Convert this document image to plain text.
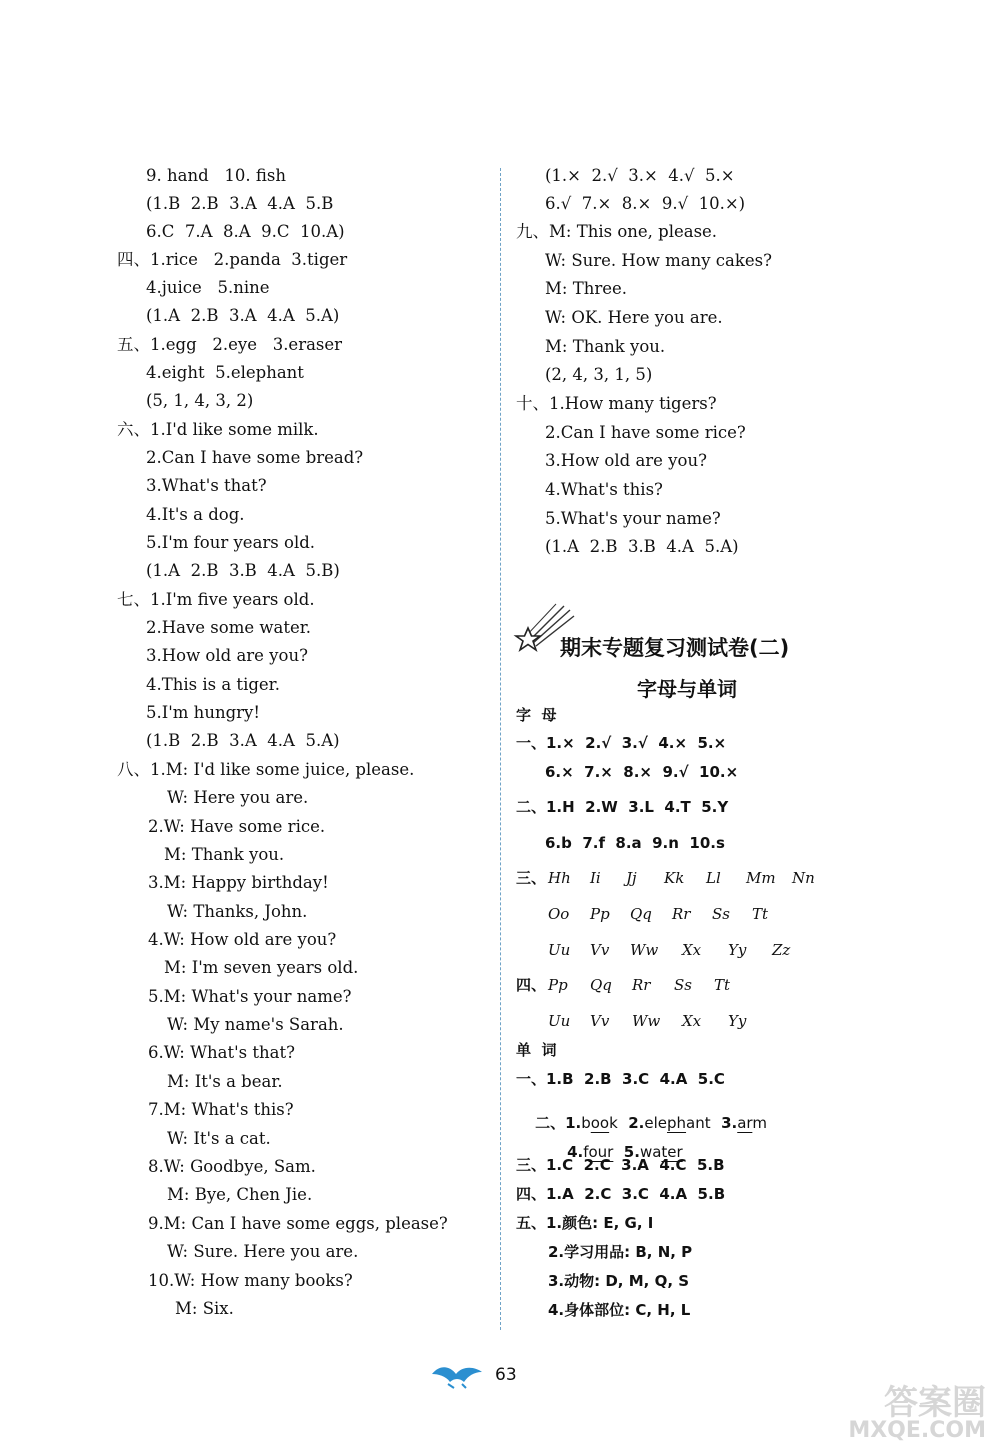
9. hand   10. fish
(1.B  2.B  3.A  4.A  5.B
6.C  7.A  8.A  9.C  10.A)
四、1.rice   2.panda  3.tiger
4.juice   5.nine
(1.A  2.B  3.A  4.A  5.A)
五、1.egg   2.eye   3.eraser
4.eight  5.elephant
(5, 1, 4, 3, 2)
六、1.I'd like some milk.
2.Can I have some bread?
3.What's that?
4.It's a dog.
5.I'm four years old.
(1.A  2.B  3.B  4.A  5.B)
七、1.I'm five years old.
2.Have some water.
3.How old are you?
4.This is a tiger.
5.I'm hungry!
(1.B  2.B  3.A  4.A  5.A)
八、1.M: I'd like some juice, please.
W: Here you are.
2.W: Have some rice.
M: Thank you.
3.M: Happy birthday!
W: Thanks, John.
4.W: How old are you?
M: I'm seven years old.
5.M: What's your name?
W: My name's Sarah.
6.W: What's that?
M: It's a bear.
7.M: What's this?
W: It's a cat.
8.W: Goodbye, Sam.
M: Bye, Chen Jie.
9.M: Can I have some eggs, please?
W: Sure. Here you are.
10.W: How many books?
M: Six.
(1.×  2.√  3.×  4.√  5.×
6.√  7.×  8.×  9.√  10.×)
九、M: This one, please.
W: Sure. How many cakes?
M: Three.
W: OK. Here you are.
M: Thank you.
(2, 4, 3, 1, 5)
十、1.How many tigers?
2.Can I have some rice?
3.How old are you?
4.What's this?
5.What's your name?
(1.A  2.B  3.B  4.A  5.A)
期末专题复习测试卷(二)
字母与单词
字  母
一、1.×  2.√  3.√  4.×  5.×
6.×  7.×  8.×  9.√  10.×
二、1.H  2.W  3.L  4.T  5.Y
6.b  7.f  8.a  9.n  10.s
三、 Hh Ii Jj Kk Ll Mm Nn
Oo Pp Qq Rr Ss Tt
Uu Vv Ww Xx Yy Zz
四、 Pp Qq Rr Ss Tt
Uu Vv Ww Xx Yy
单  词
一、1.B  2.B  3.C  4.A  5.C

二、1.book  2.elephant  3.arm

4.four  5.water

三、1.C  2.C  3.A  4.C  5.B
四、1.A  2.C  3.C  4.A  5.B
五、1.颜色: E, G, I
2.学习用品: B, N, P
3.动物: D, M, Q, S
4.身体部位: C, H, L
63
答案圈
MXQE.COM
